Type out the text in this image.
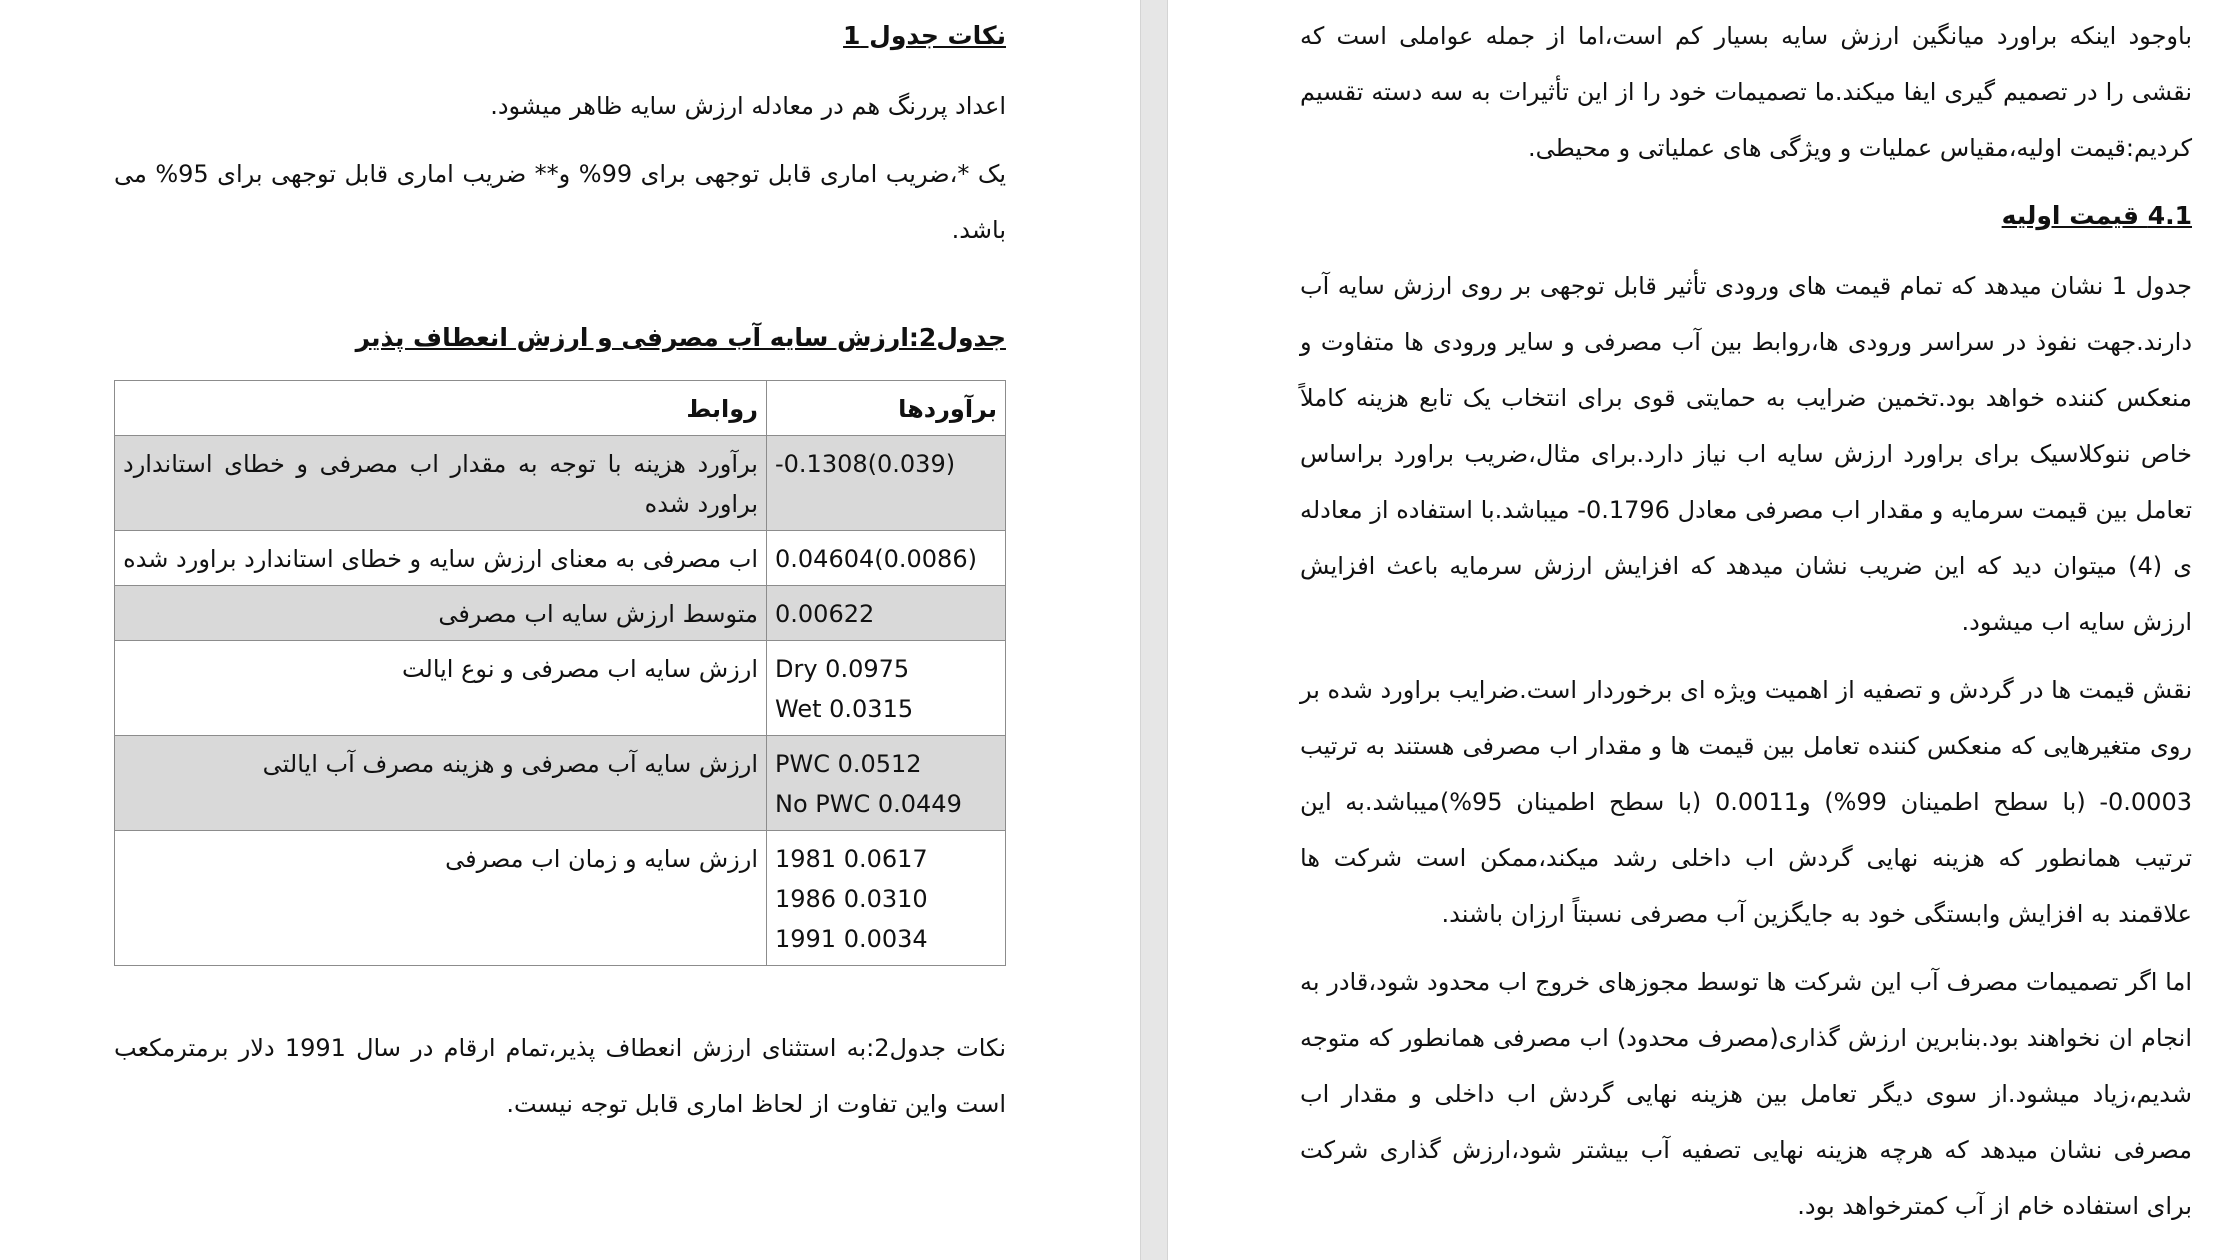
نکات جدول 1

اعداد پررنگ هم در معادله ارزش سایه ظاهر میشود.

یک *،ضریب اماری قابل توجهی برای 99% و** ضریب اماری قابل توجهی برای 95% می باشد.

جدول2:ارزش سایه آب مصرفی و ارزش انعطاف پذیر

برآوردها	روابط

-0.1308(0.039)	برآورد هزینه با توجه به مقدار اب مصرفی و خطای استاندارد براورد شده

0.04604(0.0086)	اب مصرفی به معنای ارزش سایه و خطای استاندارد براورد شده

0.00622	متوسط ارزش سایه اب مصرفی

Dry 0.0975
Wet 0.0315	ارزش سایه اب مصرفی و نوع ایالت

PWC 0.0512
No PWC 0.0449	ارزش سایه آب مصرفی و هزینه مصرف آب ایالتی

1981 0.0617
1986 0.0310
1991 0.0034	ارزش سایه و زمان اب مصرفی

نکات جدول2:به استثنای ارزش انعطاف پذیر،تمام ارقام در سال 1991 دلار برمترمکعب است واین تفاوت از لحاظ اماری قابل توجه نیست.

باوجود اینکه براورد میانگین ارزش سایه بسیار کم است،اما از جمله عواملی است که نقشی را در تصمیم گیری ایفا میکند.ما تصمیمات خود را از این تأثیرات به سه دسته تقسیم کردیم:قیمت اولیه،مقیاس عملیات و ویژگی های عملیاتی و محیطی.

4.1 قیمت اولیه

جدول 1 نشان میدهد که تمام قیمت های ورودی تأثیر قابل توجهی بر روی ارزش سایه آب دارند.جهت نفوذ در سراسر ورودی ها،روابط بین آب مصرفی و سایر ورودی ها متفاوت و منعکس کننده خواهد بود.تخمین ضرایب به حمایتی قوی برای انتخاب یک تابع هزینه کاملاً خاص ننوکلاسیک برای براورد ارزش سایه اب نیاز دارد.برای مثال،ضریب براورد براساس تعامل بین قیمت سرمایه و مقدار اب مصرفی معادل 0.1796- میباشد.با استفاده از معادله ی (4) میتوان دید که این ضریب نشان میدهد که افزایش ارزش سرمایه باعث افزایش ارزش سایه اب میشود.

نقش قیمت ها در گردش و تصفیه از اهمیت ویژه ای برخوردار است.ضرایب براورد شده بر روی متغیرهایی که منعکس کننده تعامل بین قیمت ها و مقدار اب مصرفی هستند به ترتیب 0.0003- (با سطح اطمینان 99%) و0.0011 (با سطح اطمینان 95%)میباشد.به این ترتیب همانطور که هزینه نهایی گردش اب داخلی رشد میکند،ممکن است شرکت ها علاقمند به افزایش وابستگی خود به جایگزین آب مصرفی نسبتاً ارزان باشند.

اما اگر تصمیمات مصرف آب این شرکت ها توسط مجوزهای خروج اب محدود شود،قادر به انجام ان نخواهند بود.بنابرین ارزش گذاری(مصرف محدود) اب مصرفی همانطور که متوجه شدیم،زیاد میشود.از سوی دیگر تعامل بین هزینه نهایی گردش اب داخلی و مقدار اب مصرفی نشان میدهد که هرچه هزینه نهایی تصفیه آب بیشتر شود،ارزش گذاری شرکت برای استفاده خام از آب کمترخواهد بود.
